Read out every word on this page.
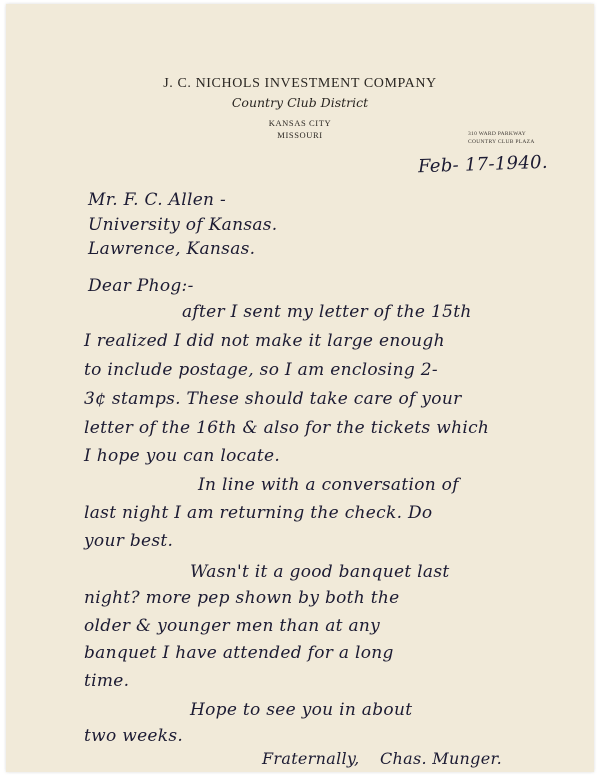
J. C. NICHOLS INVESTMENT COMPANY
Country Club District
KANSAS CITY
MISSOURI	310 WARD PARKWAY
COUNTRY CLUB PLAZA
Feb- 17-1940.
Mr. F. C. Allen -
University of Kansas.
Lawrence, Kansas.
Dear Phog:-
after I sent my letter of the 15th
I realized I did not make it large enough
to include postage, so I am enclosing 2-
3¢ stamps. These should take care of your
letter of the 16th & also for the tickets which
I hope you can locate.
In line with a conversation of
last night I am returning the check. Do
your best.
Wasn't it a good banquet last
night? more pep shown by both the
older & younger men than at any
banquet I have attended for a long
time.
Hope to see you in about
two weeks.
Fraternally, Chas. Munger.
